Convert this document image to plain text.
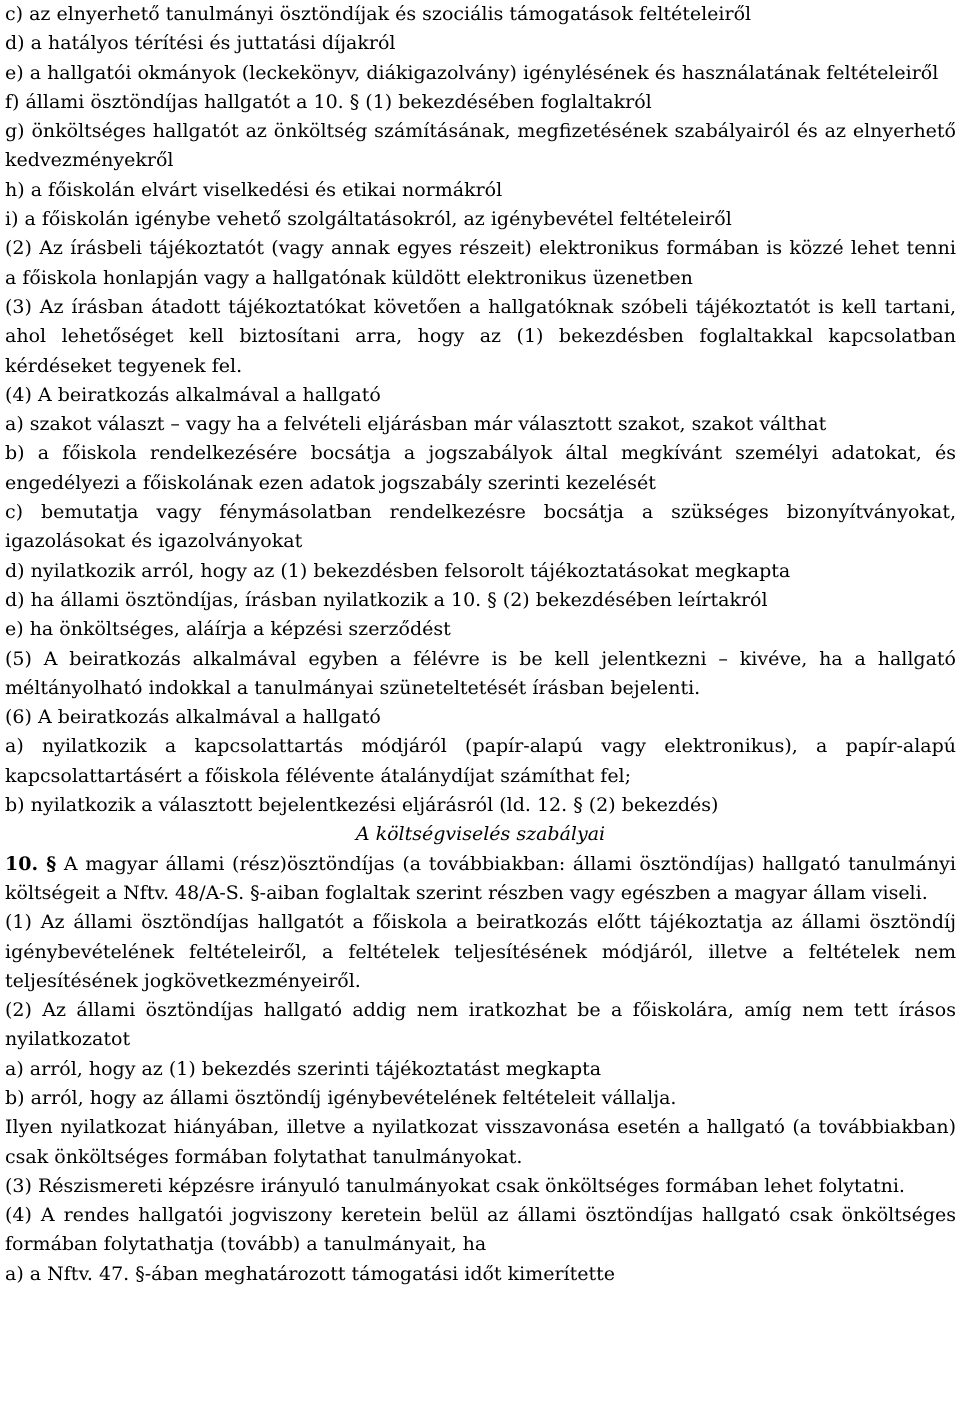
c) az elnyerhető tanulmányi ösztöndíjak és szociális támogatások feltételeiről

d) a hatályos térítési és juttatási díjakról

e) a hallgatói okmányok (leckekönyv, diákigazolvány) igénylésének és használatának feltételeiről

f) állami ösztöndíjas hallgatót a 10. § (1) bekezdésében foglaltakról

g) önköltséges hallgatót az önköltség számításának, megfizetésének szabályairól és az elnyerhető kedvezményekről

h) a főiskolán elvárt viselkedési és etikai normákról

i) a főiskolán igénybe vehető szolgáltatásokról, az igénybevétel feltételeiről

(2) Az írásbeli tájékoztatót (vagy annak egyes részeit) elektronikus formában is közzé lehet tenni a főiskola honlapján vagy a hallgatónak küldött elektronikus üzenetben

(3) Az írásban átadott tájékoztatókat követően a hallgatóknak szóbeli tájékoztatót is kell tartani, ahol lehetőséget kell biztosítani arra, hogy az (1) bekezdésben foglaltakkal kapcsolatban kérdéseket tegyenek fel.

(4) A beiratkozás alkalmával a hallgató

a) szakot választ – vagy ha a felvételi eljárásban már választott szakot, szakot válthat

b) a főiskola rendelkezésére bocsátja a jogszabályok által megkívánt személyi adatokat, és engedélyezi a főiskolának ezen adatok jogszabály szerinti kezelését

c) bemutatja vagy fénymásolatban rendelkezésre bocsátja a szükséges bizonyítványokat, igazolásokat és igazolványokat

d) nyilatkozik arról, hogy az (1) bekezdésben felsorolt tájékoztatásokat megkapta

d) ha állami ösztöndíjas, írásban nyilatkozik a 10. § (2) bekezdésében leírtakról

e) ha önköltséges, aláírja a képzési szerződést

(5) A beiratkozás alkalmával egyben a félévre is be kell jelentkezni – kivéve, ha a hallgató méltányolható indokkal a tanulmányai szüneteltetését írásban bejelenti.

(6) A beiratkozás alkalmával a hallgató

a) nyilatkozik a kapcsolattartás módjáról (papír-alapú vagy elektronikus), a papír-alapú kapcsolattartásért a főiskola félévente átalánydíjat számíthat fel;

b) nyilatkozik a választott bejelentkezési eljárásról (ld. 12. § (2) bekezdés)

A költségviselés szabályai

10. § A magyar állami (rész)ösztöndíjas (a továbbiakban: állami ösztöndíjas) hallgató tanulmányi költségeit a Nftv. 48/A-S. §-aiban foglaltak szerint részben vagy egészben a magyar állam viseli.

(1) Az állami ösztöndíjas hallgatót a főiskola a beiratkozás előtt tájékoztatja az állami ösztöndíj igénybevételének feltételeiről, a feltételek teljesítésének módjáról, illetve a feltételek nem teljesítésének jogkövetkezményeiről.

(2) Az állami ösztöndíjas hallgató addig nem iratkozhat be a főiskolára, amíg nem tett írásos nyilatkozatot

a) arról, hogy az (1) bekezdés szerinti tájékoztatást megkapta

b) arról, hogy az állami ösztöndíj igénybevételének feltételeit vállalja.

Ilyen nyilatkozat hiányában, illetve a nyilatkozat visszavonása esetén a hallgató (a továbbiakban) csak önköltséges formában folytathat tanulmányokat.

(3) Részismereti képzésre irányuló tanulmányokat csak önköltséges formában lehet folytatni.

(4) A rendes hallgatói jogviszony keretein belül az állami ösztöndíjas hallgató csak önköltséges formában folytathatja (tovább) a tanulmányait, ha

a) a Nftv. 47. §-ában meghatározott támogatási időt kimerítette
